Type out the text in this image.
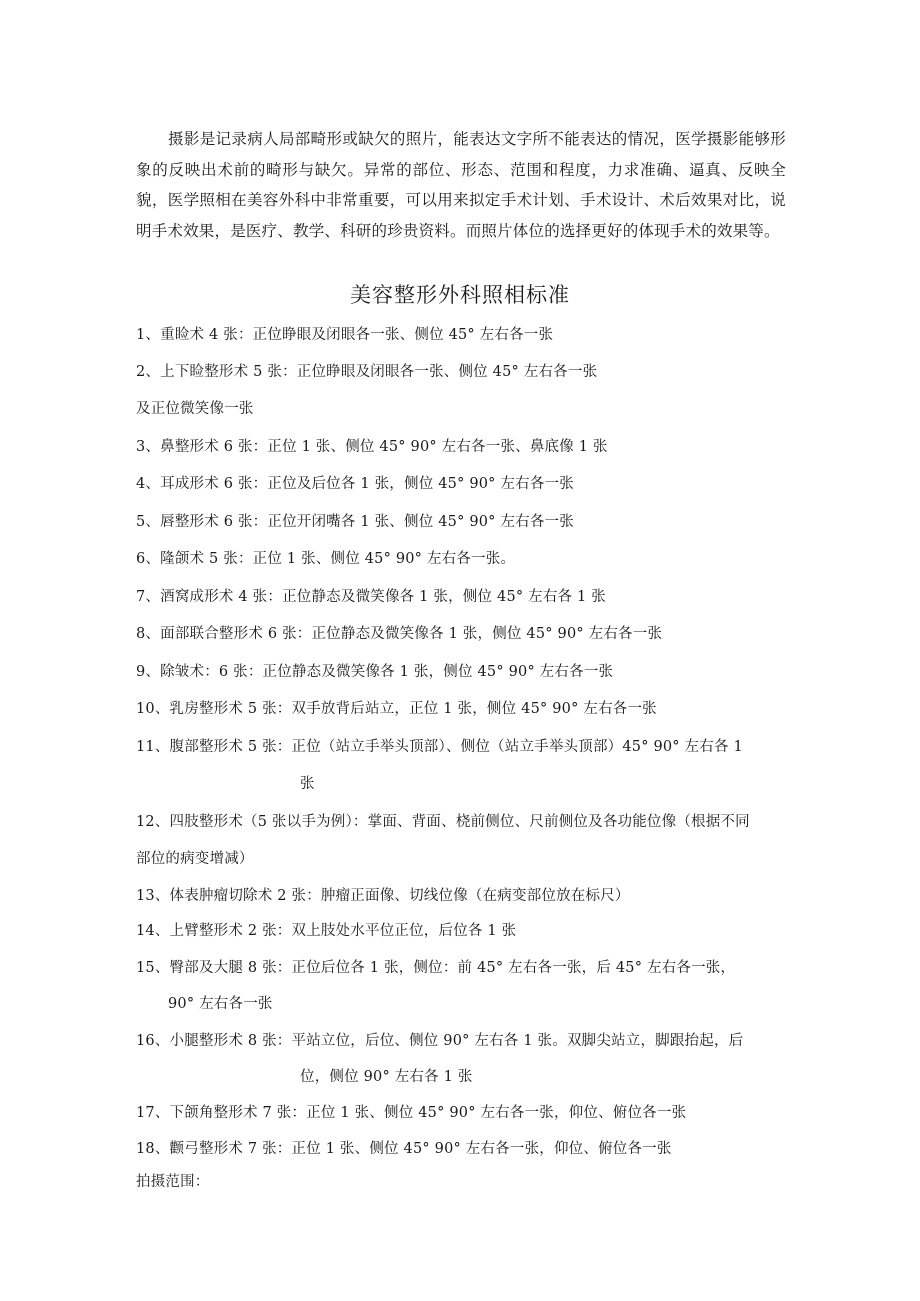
摄影是记录病人局部畸形或缺欠的照片，能表达文字所不能表达的情况，医学摄影能够形象的反映出术前的畸形与缺欠。异常的部位、形态、范围和程度，力求准确、逼真、反映全貌，医学照相在美容外科中非常重要，可以用来拟定手术计划、手术设计、术后效果对比，说明手术效果，是医疗、教学、科研的珍贵资料。而照片体位的选择更好的体现手术的效果等。
美容整形外科照相标准
1、重睑术 4 张：正位睁眼及闭眼各一张、侧位 45° 左右各一张
2、上下睑整形术 5 张：正位睁眼及闭眼各一张、侧位 45° 左右各一张
及正位微笑像一张
3、鼻整形术 6 张：正位 1 张、侧位 45° 90° 左右各一张、鼻底像 1 张
4、耳成形术 6 张：正位及后位各 1 张，侧位 45° 90° 左右各一张
5、唇整形术 6 张：正位开闭嘴各 1 张、侧位 45° 90° 左右各一张
6、隆颌术 5 张：正位 1 张、侧位 45° 90° 左右各一张。
7、酒窝成形术 4 张：正位静态及微笑像各 1 张，侧位 45° 左右各 1 张
8、面部联合整形术 6 张：正位静态及微笑像各 1 张，侧位 45° 90° 左右各一张
9、除皱术：6 张：正位静态及微笑像各 1 张，侧位 45° 90° 左右各一张
10、乳房整形术 5 张：双手放背后站立，正位 1 张，侧位 45° 90° 左右各一张
11、腹部整形术 5 张：正位（站立手举头顶部）、侧位（站立手举头顶部）45° 90° 左右各 1
张
12、四肢整形术（5 张以手为例）：掌面、背面、桡前侧位、尺前侧位及各功能位像（根据不同
部位的病变增减）
13、体表肿瘤切除术 2 张：肿瘤正面像、切线位像（在病变部位放在标尺）
14、上臂整形术 2 张：双上肢处水平位正位，后位各 1 张
15、臀部及大腿 8 张：正位后位各 1 张，侧位：前 45° 左右各一张，后 45° 左右各一张，
90° 左右各一张
16、小腿整形术 8 张：平站立位，后位、侧位 90° 左右各 1 张。双脚尖站立，脚跟抬起，后
位，侧位 90° 左右各 1 张
17、下颌角整形术 7 张：正位 1 张、侧位 45° 90° 左右各一张，仰位、俯位各一张
18、颧弓整形术 7 张：正位 1 张、侧位 45° 90° 左右各一张，仰位、俯位各一张
拍摄范围：
